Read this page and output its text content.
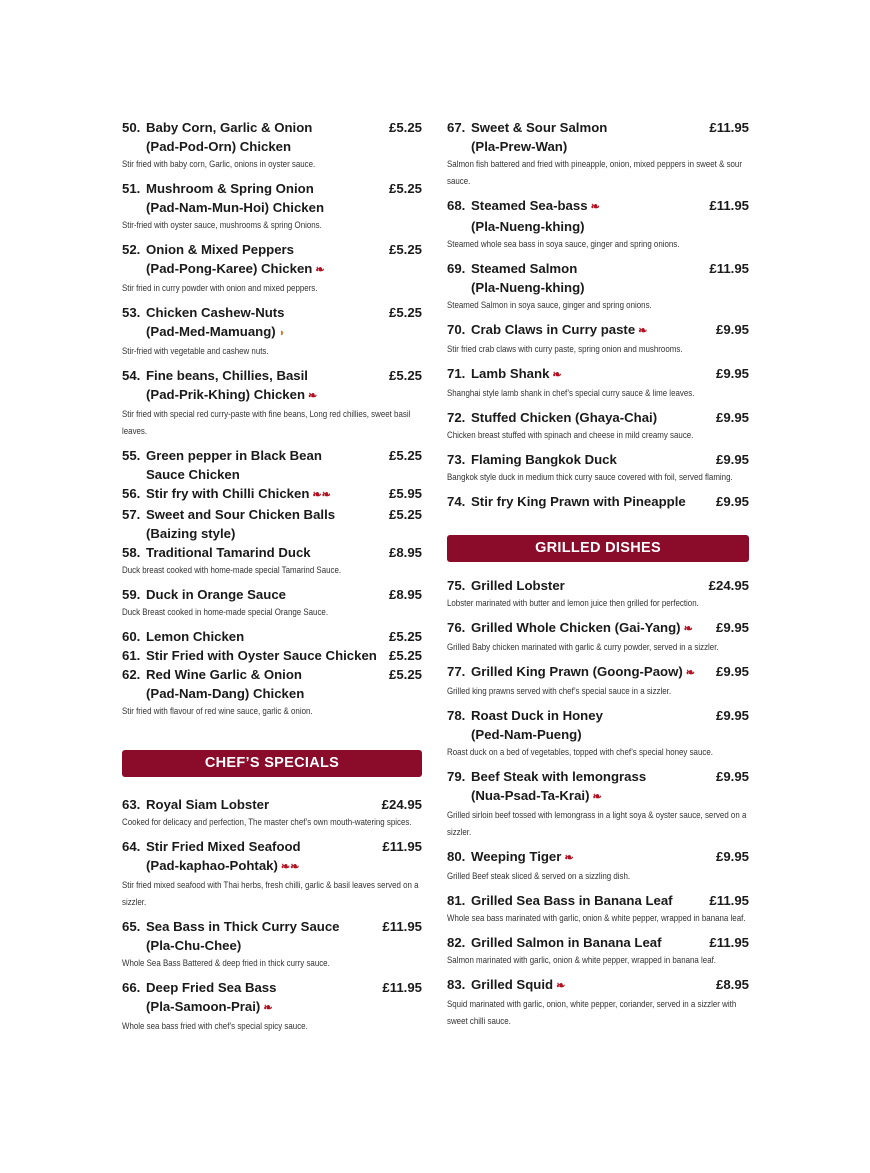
50. Baby Corn, Garlic & Onion	£5.25
(Pad-Pod-Orn) Chicken
Stir fried with baby corn, Garlic, onions in oyster sauce.
51. Mushroom & Spring Onion	£5.25
(Pad-Nam-Mun-Hoi) Chicken
Stir-fried with oyster sauce, mushrooms & spring Onions.
52. Onion & Mixed Peppers	£5.25
(Pad-Pong-Karee) Chicken ❧
Stir fried in curry powder with onion and mixed peppers.
53. Chicken Cashew-Nuts	£5.25
(Pad-Med-Mamuang) ◗
Stir-fried with vegetable and cashew nuts.
54. Fine beans, Chillies, Basil	£5.25
(Pad-Prik-Khing) Chicken ❧
Stir fried with special red curry-paste with fine beans, Long red chillies, sweet basil leaves.
55. Green pepper in Black Bean	£5.25
Sauce Chicken
56. Stir fry with Chilli Chicken ❧❧	£5.95
57. Sweet and Sour Chicken Balls	£5.25
(Baizing style)
58. Traditional Tamarind Duck	£8.95
Duck breast cooked with home-made special Tamarind Sauce.
59. Duck in Orange Sauce	£8.95
Duck Breast cooked in home-made special Orange Sauce.
60. Lemon Chicken	£5.25
61. Stir Fried with Oyster Sauce Chicken £5.25
62. Red Wine Garlic & Onion	£5.25
(Pad-Nam-Dang) Chicken
Stir fried with flavour of red wine sauce, garlic & onion.
CHEF’S SPECIALS
63. Royal Siam Lobster	£24.95
Cooked for delicacy and perfection, The master chef’s own mouth-watering spices.
64. Stir Fried Mixed Seafood	£11.95
(Pad-kaphao-Pohtak) ❧❧
Stir fried mixed seafood with Thai herbs, fresh chilli, garlic & basil leaves served on a sizzler.
65. Sea Bass in Thick Curry Sauce	£11.95
(Pla-Chu-Chee)
Whole Sea Bass Battered & deep fried in thick curry sauce.
66. Deep Fried Sea Bass	£11.95
(Pla-Samoon-Prai) ❧
Whole sea bass fried with chef’s special spicy sauce.
67. Sweet & Sour Salmon	£11.95
(Pla-Prew-Wan)
Salmon fish battered and fried with pineapple, onion, mixed peppers in sweet & sour sauce.
68. Steamed Sea-bass ❧	£11.95
(Pla-Nueng-khing)
Steamed whole sea bass in soya sauce, ginger and spring onions.
69. Steamed Salmon	£11.95
(Pla-Nueng-khing)
Steamed Salmon in soya sauce, ginger and spring onions.
70. Crab Claws in Curry paste ❧	£9.95
Stir fried crab claws with curry paste, spring onion and mushrooms.
71. Lamb Shank ❧	£9.95
Shanghai style lamb shank in chef’s special curry sauce & lime leaves.
72. Stuffed Chicken (Ghaya-Chai)	£9.95
Chicken breast stuffed with spinach and cheese in mild creamy sauce.
73. Flaming Bangkok Duck	£9.95
Bangkok style duck in medium thick curry sauce covered with foil, served flaming.
74. Stir fry King Prawn with Pineapple	£9.95
GRILLED DISHES
75. Grilled Lobster	£24.95
Lobster marinated with butter and lemon juice then grilled for perfection.
76. Grilled Whole Chicken (Gai-Yang) ❧	£9.95
Grilled Baby chicken marinated with garlic & curry powder, served in a sizzler.
77. Grilled King Prawn (Goong-Paow) ❧	£9.95
Grilled king prawns served with chef’s special sauce in a sizzler.
78. Roast Duck in Honey	£9.95
(Ped-Nam-Pueng)
Roast duck on a bed of vegetables, topped with chef’s special honey sauce.
79. Beef Steak with lemongrass	£9.95
(Nua-Psad-Ta-Krai) ❧
Grilled sirloin beef tossed with lemongrass in a light soya & oyster sauce, served on a sizzler.
80. Weeping Tiger ❧	£9.95
Grilled Beef steak sliced & served on a sizzling dish.
81. Grilled Sea Bass in Banana Leaf	£11.95
Whole sea bass marinated with garlic, onion & white pepper, wrapped in banana leaf.
82. Grilled Salmon in Banana Leaf	£11.95
Salmon marinated with garlic, onion & white pepper, wrapped in banana leaf.
83. Grilled Squid ❧	£8.95
Squid marinated with garlic, onion, white pepper, coriander, served in a sizzler with sweet chilli sauce.
